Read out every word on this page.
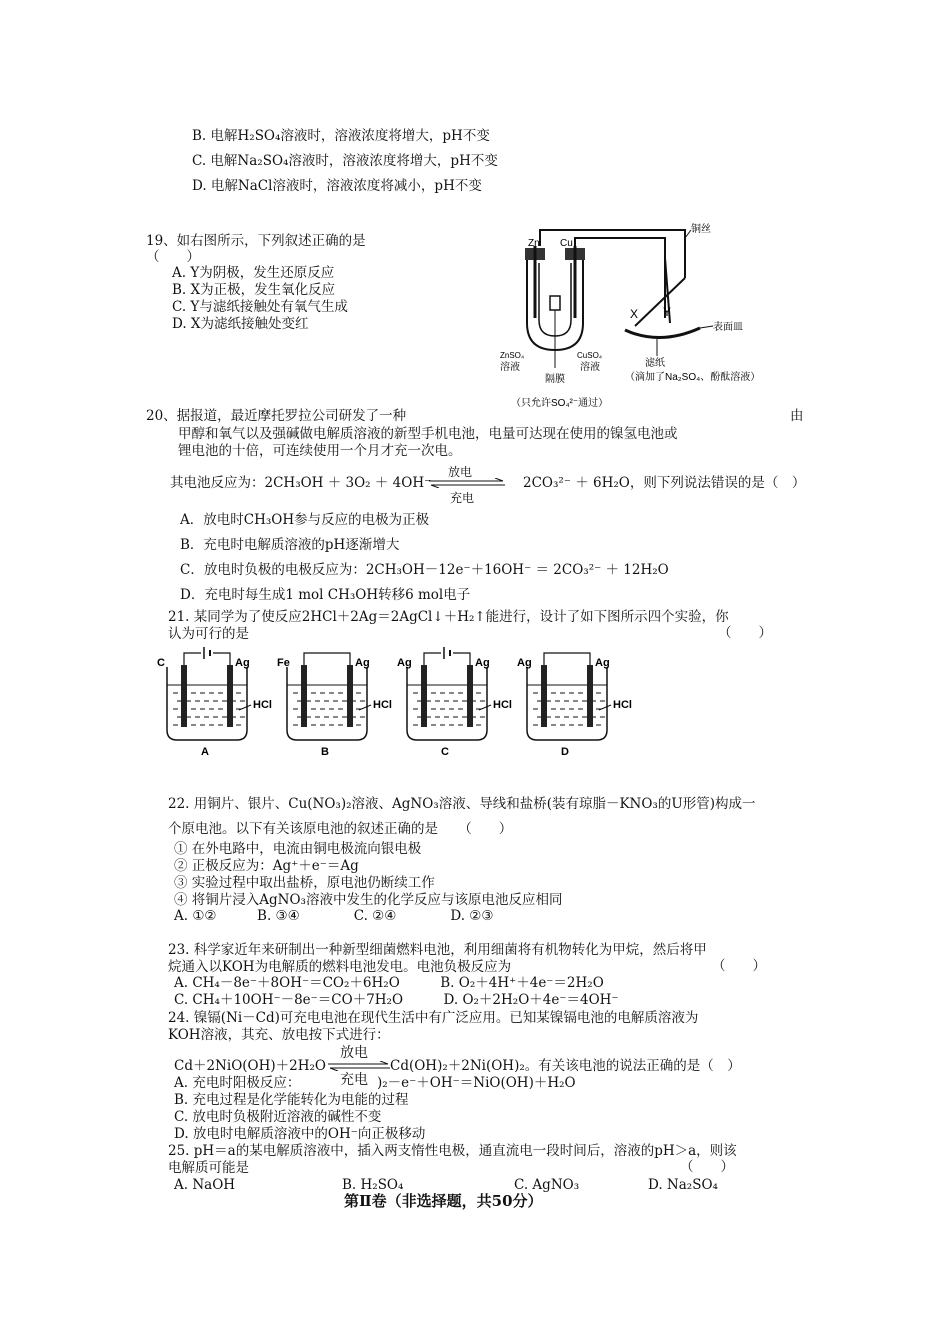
B. 电解H₂SO₄溶液时，溶液浓度将增大，pH不变
C. 电解Na₂SO₄溶液时，溶液浓度将增大，pH不变
D. 电解NaCl溶液时，溶液浓度将减小，pH不变
19、如右图所示，下列叙述正确的是
（　　）
A. Y为阴极，发生还原反应
B. X为正极，发生氧化反应
C. Y与滤纸接触处有氧气生成
D. X为滤纸接触处变红
Zn Cu
铜丝
X Y
表面皿
ZnSO₄
溶液
CuSO₄
溶液
隔膜
（只允许SO₄²⁻通过）
滤纸
（滴加了Na₂SO₄、酚酞溶液）
20、据报道，最近摩托罗拉公司研发了一种	由
甲醇和氧气以及强碱做电解质溶液的新型手机电池，电量可达现在使用的镍氢电池或
锂电池的十倍，可连续使用一个月才充一次电。
其电池反应为：2CH₃OH ＋ 3O₂ ＋ 4OH⁻
放电
充电
2CO₃²⁻ ＋ 6H₂O，则下列说法错误的是（　）
A．放电时CH₃OH参与反应的电极为正极
B．充电时电解质溶液的pH逐渐增大
C．放电时负极的电极反应为：2CH₃OH－12e⁻＋16OH⁻ ＝ 2CO₃²⁻ ＋ 12H₂O
D．充电时每生成1 mol CH₃OH转移6 mol电子
21. 某同学为了使反应2HCl＋2Ag＝2AgCl↓＋H₂↑能进行，设计了如下图所示四个实验，你
认为可行的是	（　　）
C	Ag
HCl
A
Fe	Ag
HCl
B
Ag	Ag
HCl
C
Ag	Ag
HCl
D
22. 用铜片、银片、Cu(NO₃)₂溶液、AgNO₃溶液、导线和盐桥(装有琼脂－KNO₃的U形管)构成一
个原电池。以下有关该原电池的叙述正确的是　　（　　）
① 在外电路中，电流由铜电极流向银电极
② 正极反应为：Ag⁺＋e⁻＝Ag
③ 实验过程中取出盐桥，原电池仍断续工作
④ 将铜片浸入AgNO₃溶液中发生的化学反应与该原电池反应相同
A. ①②　　　B. ③④　　　　C. ②④　　　　D. ②③
23. 科学家近年来研制出一种新型细菌燃料电池，利用细菌将有机物转化为甲烷，然后将甲
烷通入以KOH为电解质的燃料电池发电。电池负极反应为	（　　）
A. CH₄－8e⁻＋8OH⁻＝CO₂＋6H₂O　　　B. O₂＋4H⁺＋4e⁻＝2H₂O
C. CH₄＋10OH⁻－8e⁻＝CO＋7H₂O　　　D. O₂＋2H₂O＋4e⁻＝4OH⁻
24. 镍镉(Ni－Cd)可充电电池在现代生活中有广泛应用。已知某镍镉电池的电解质溶液为
KOH溶液，其充、放电按下式进行：
Cd＋2NiO(OH)＋2H₂O
放电
充电
Cd(OH)₂＋2Ni(OH)₂。有关该电池的说法正确的是（　）
A. 充电时阳极反应：	)₂－e⁻＋OH⁻＝NiO(OH)＋H₂O
B. 充电过程是化学能转化为电能的过程
C. 放电时负极附近溶液的碱性不变
D. 放电时电解质溶液中的OH⁻向正极移动
25. pH＝a的某电解质溶液中，插入两支惰性电极，通直流电一段时间后，溶液的pH＞a，则该
电解质可能是	（　　）
A. NaOH	B. H₂SO₄	C. AgNO₃	D. Na₂SO₄
第Ⅱ卷（非选择题，共50分）
